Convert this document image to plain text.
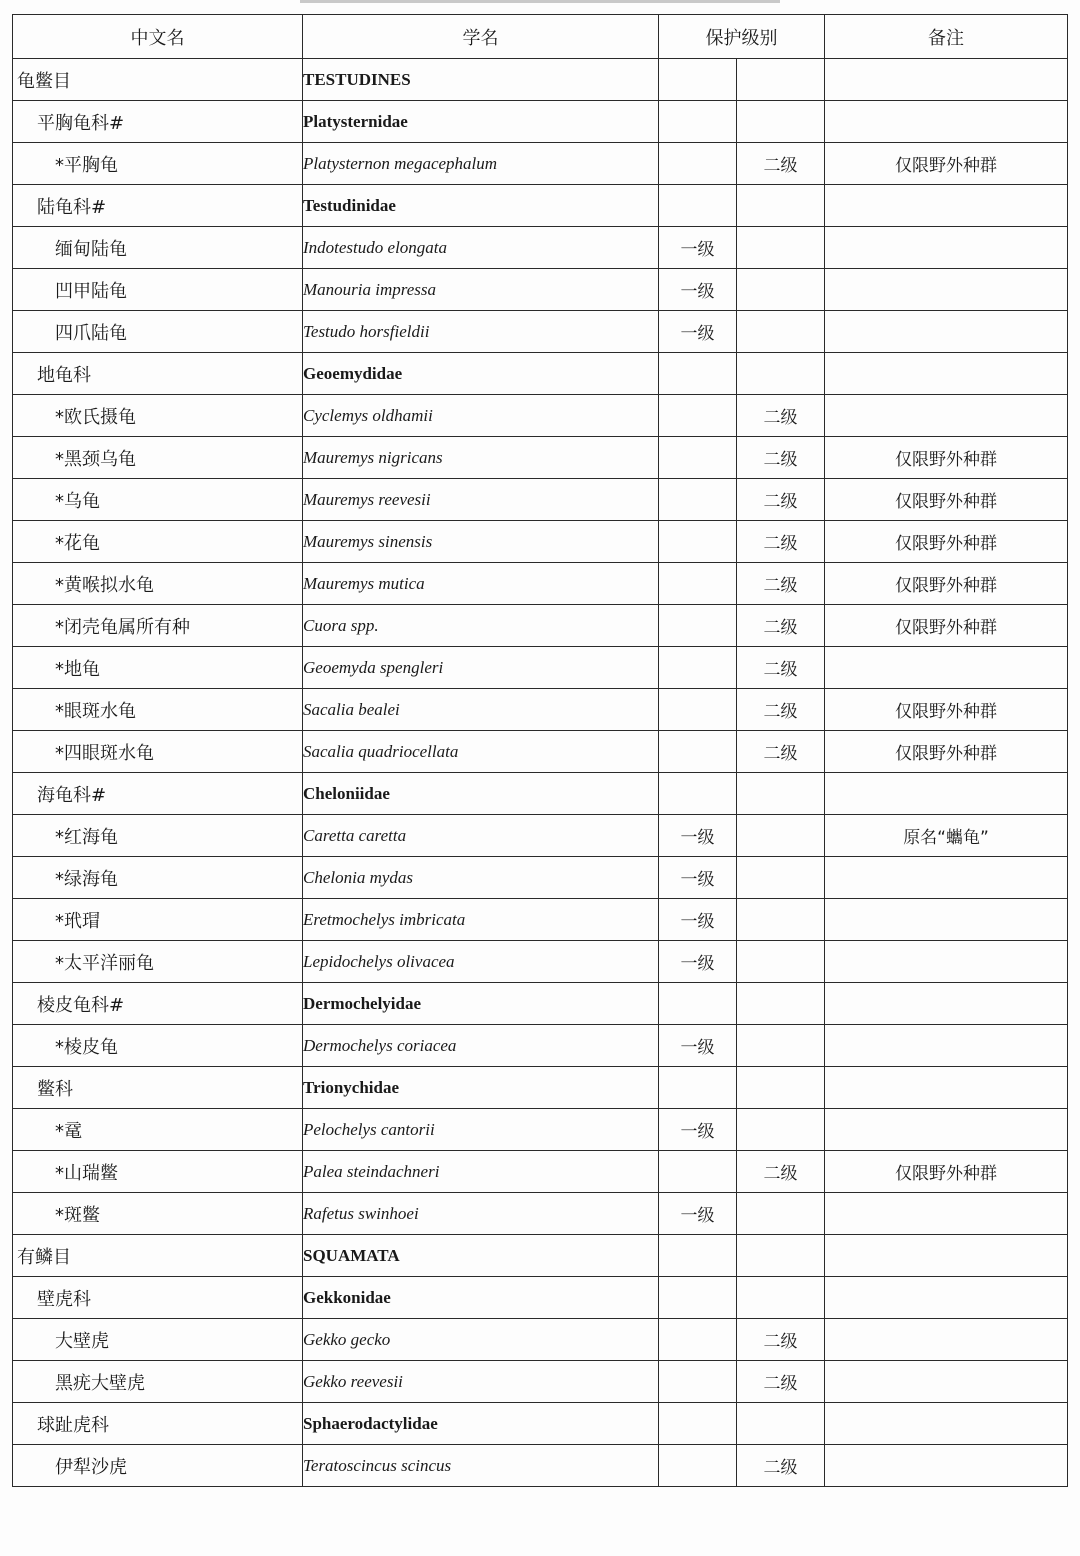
中文名	学名	保护级别		备注
龟鳖目	TESTUDINES			
平胸龟科#	Platysternidae			
*平胸龟	Platysternon megacephalum		二级	仅限野外种群
陆龟科#	Testudinidae			
缅甸陆龟	Indotestudo elongata	一级		
凹甲陆龟	Manouria impressa	一级		
四爪陆龟	Testudo horsfieldii	一级		
地龟科	Geoemydidae			
*欧氏摄龟	Cyclemys oldhamii		二级	
*黑颈乌龟	Mauremys nigricans		二级	仅限野外种群
*乌龟	Mauremys reevesii		二级	仅限野外种群
*花龟	Mauremys sinensis		二级	仅限野外种群
*黄喉拟水龟	Mauremys mutica		二级	仅限野外种群
*闭壳龟属所有种	Cuora spp.		二级	仅限野外种群
*地龟	Geoemyda spengleri		二级	
*眼斑水龟	Sacalia bealei		二级	仅限野外种群
*四眼斑水龟	Sacalia quadriocellata		二级	仅限野外种群
海龟科#	Cheloniidae			
*红海龟	Caretta caretta	一级		原名“蠵龟”
*绿海龟	Chelonia mydas	一级		
*玳瑁	Eretmochelys imbricata	一级		
*太平洋丽龟	Lepidochelys olivacea	一级		
棱皮龟科#	Dermochelyidae			
*棱皮龟	Dermochelys coriacea	一级		
鳖科	Trionychidae			
*鼋	Pelochelys cantorii	一级		
*山瑞鳖	Palea steindachneri		二级	仅限野外种群
*斑鳖	Rafetus swinhoei	一级		
有鳞目	SQUAMATA			
壁虎科	Gekkonidae			
大壁虎	Gekko gecko		二级	
黑疣大壁虎	Gekko reevesii		二级	
球趾虎科	Sphaerodactylidae			
伊犁沙虎	Teratoscincus scincus		二级	
